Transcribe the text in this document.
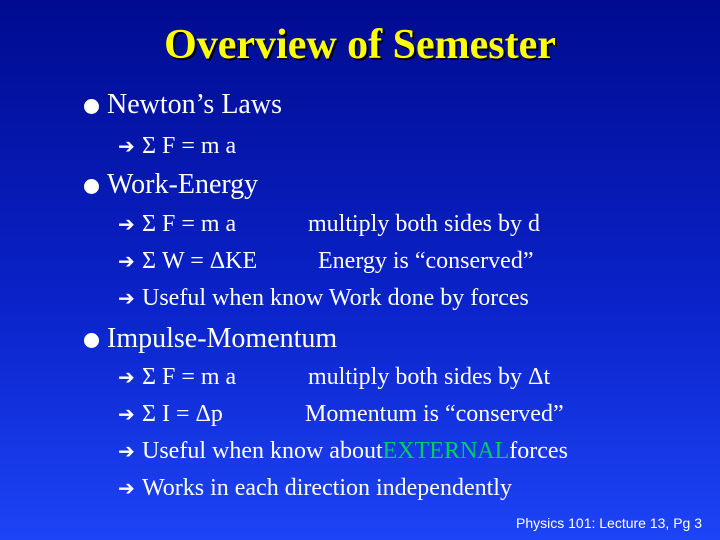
Overview of Semester
Newton’s Laws
➔ Σ F = m a
Work-Energy
➔ Σ F = m a	multiply both sides by d
➔ Σ W = ΔKE	Energy is “conserved”
➔ Useful when know Work done by forces
Impulse-Momentum
➔ Σ F = m a	multiply both sides by Δt
➔ Σ I = Δp	Momentum is “conserved”
➔ Useful when know about EXTERNAL forces
➔ Works in each direction independently
Physics 101: Lecture 13, Pg 3
